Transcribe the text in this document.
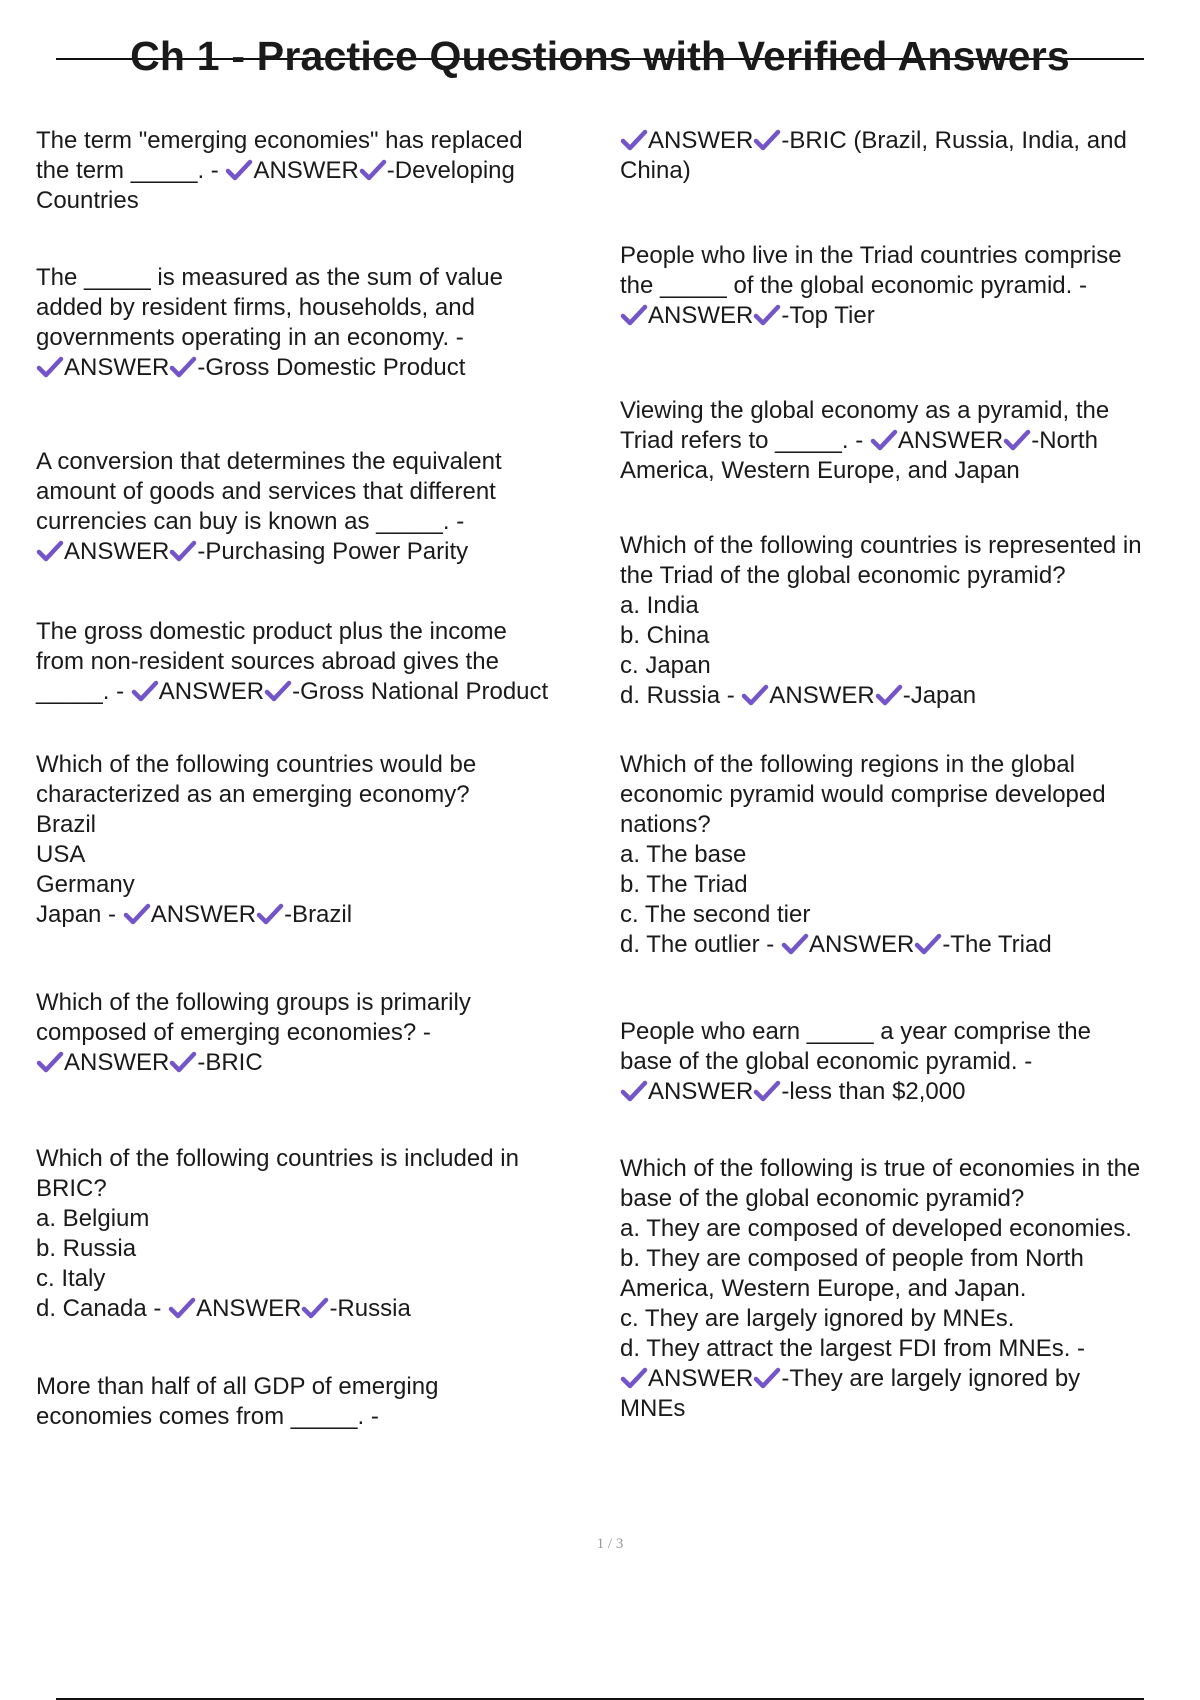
Ch 1 - Practice Questions with Verified Answers
The term "emerging economies" has replaced
the term _____. -
ANSWER -Developing
Countries
The _____ is measured as the sum of value
added by resident firms, households, and
governments operating in an economy. -
ANSWER -Gross Domestic Product
A conversion that determines the equivalent
amount of goods and services that different
currencies can buy is known as _____. -
ANSWER -Purchasing Power Parity
The gross domestic product plus the income
from non-resident sources abroad gives the
_____. -
ANSWER -Gross National Product
Which of the following countries would be
characterized as an emerging economy?
Brazil
USA
Germany
Japan -
ANSWER -Brazil
Which of the following groups is primarily
composed of emerging economies? -
ANSWER -BRIC
Which of the following countries is included in
BRIC?
a. Belgium
b. Russia
c. Italy
d. Canada -
ANSWER -Russia
More than half of all GDP of emerging
economies comes from _____. -
ANSWER -BRIC (Brazil, Russia, India, and
China)
People who live in the Triad countries comprise
the _____ of the global economic pyramid. -
ANSWER -Top Tier
Viewing the global economy as a pyramid, the
Triad refers to _____. -
ANSWER -North
America, Western Europe, and Japan
Which of the following countries is represented in
the Triad of the global economic pyramid?
a. India
b. China
c. Japan
d. Russia -
ANSWER -Japan
Which of the following regions in the global
economic pyramid would comprise developed
nations?
a. The base
b. The Triad
c. The second tier
d. The outlier -
ANSWER -The Triad
People who earn _____ a year comprise the
base of the global economic pyramid. -
ANSWER -less than $2,000
Which of the following is true of economies in the
base of the global economic pyramid?
a. They are composed of developed economies.
b. They are composed of people from North
America, Western Europe, and Japan.
c. They are largely ignored by MNEs.
d. They attract the largest FDI from MNEs. -
ANSWER -They are largely ignored by
MNEs
1 / 3
